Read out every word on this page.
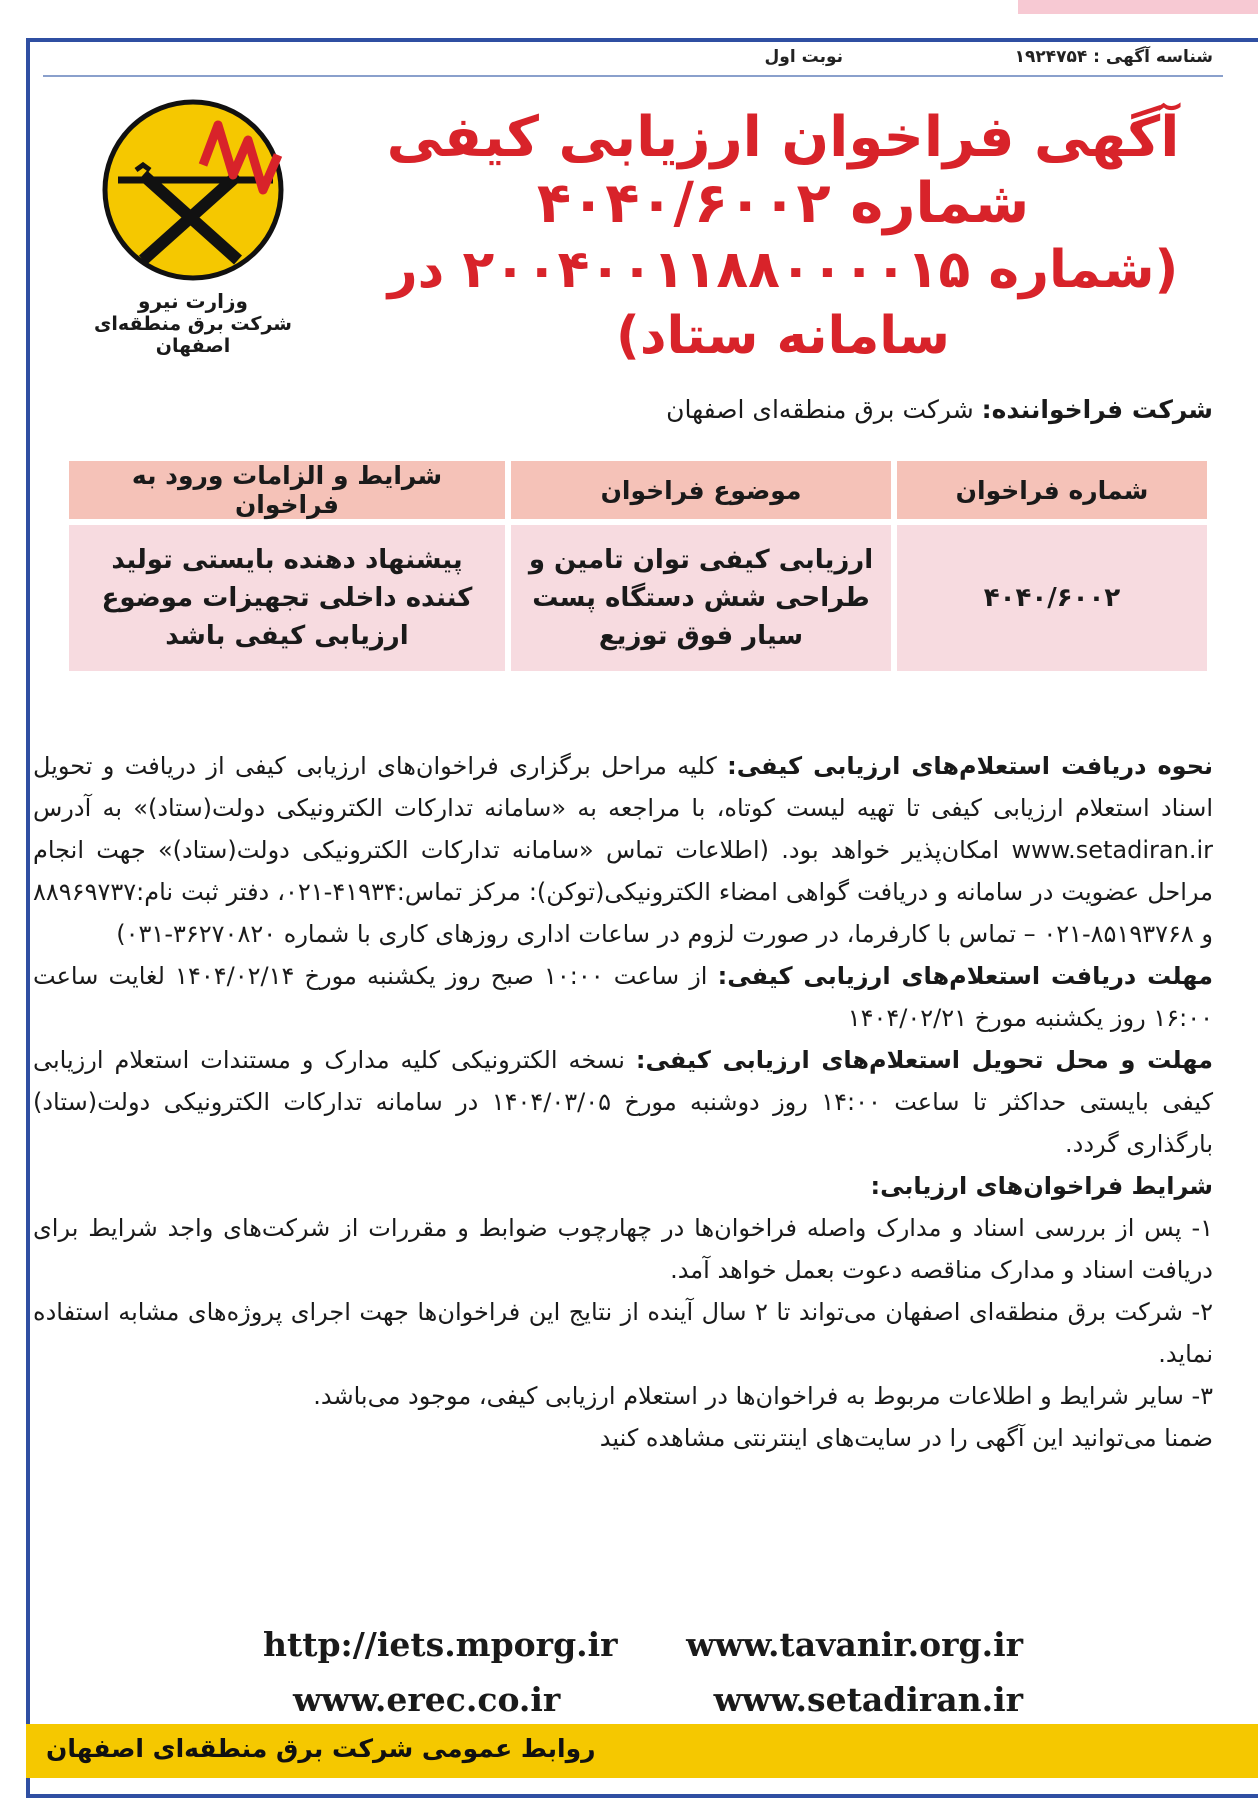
شناسه آگهی : ۱۹۲۴۷۵۴
نوبت اول
آگهی فراخوان ارزیابی کیفی
شماره ۴۰۴۰/۶۰۰۲
(شماره ۲۰۰۴۰۰۱۱۸۸۰۰۰۰۱۵ در سامانه ستاد)
وزارت نیرو
شرکت برق منطقه‌ای اصفهان
شرکت فراخواننده: شرکت برق منطقه‌ای اصفهان
شماره فراخوان	موضوع فراخوان	شرایط و الزامات ورود به فراخوان
۴۰۴۰/۶۰۰۲	ارزیابی کیفی توان تامین و طراحی شش دستگاه پست سیار فوق توزیع	پیشنهاد دهنده بایستی تولید کننده داخلی تجهیزات موضوع ارزیابی کیفی باشد

نحوه دریافت استعلام‌های ارزیابی کیفی: کلیه مراحل برگزاری فراخوان‌های ارزیابی کیفی از دریافت و تحویل اسناد استعلام ارزیابی کیفی تا تهیه لیست کوتاه، با مراجعه به «سامانه تدارکات الکترونیکی دولت(ستاد)» به آدرس www.setadiran.ir امکان‌پذیر خواهد بود. (اطلاعات تماس «سامانه تدارکات الکترونیکی دولت(ستاد)» جهت انجام مراحل عضویت در سامانه و دریافت گواهی امضاء الکترونیکی(توکن): مرکز تماس:۴۱۹۳۴-۰۲۱، دفتر ثبت نام:۸۸۹۶۹۷۳۷ و ۸۵۱۹۳۷۶۸-۰۲۱ – تماس با کارفرما، در صورت لزوم در ساعات اداری روزهای کاری با شماره ۳۶۲۷۰۸۲۰-۰۳۱)

مهلت دریافت استعلام‌های ارزیابی کیفی: از ساعت ۱۰:۰۰ صبح روز یکشنبه مورخ ۱۴۰۴/۰۲/۱۴ لغایت ساعت ۱۶:۰۰ روز یکشنبه مورخ ۱۴۰۴/۰۲/۲۱

مهلت و محل تحویل استعلام‌های ارزیابی کیفی: نسخه الکترونیکی کلیه مدارک و مستندات استعلام ارزیابی کیفی بایستی حداکثر تا ساعت ۱۴:۰۰ روز دوشنبه مورخ ۱۴۰۴/۰۳/۰۵ در سامانه تدارکات الکترونیکی دولت(ستاد) بارگذاری گردد.

شرایط فراخوان‌های ارزیابی:

۱- پس از بررسی اسناد و مدارک واصله فراخوان‌ها در چهارچوب ضوابط و مقررات از شرکت‌های واجد شرایط برای دریافت اسناد و مدارک مناقصه دعوت بعمل خواهد آمد.

۲- شرکت برق منطقه‌ای اصفهان می‌تواند تا ۲ سال آینده از نتایج این فراخوان‌ها جهت اجرای پروژه‌های مشابه استفاده نماید.

۳- سایر شرایط و اطلاعات مربوط به فراخوان‌ها در استعلام ارزیابی کیفی، موجود می‌باشد.

ضمنا می‌توانید این آگهی را در سایت‌های اینترنتی مشاهده کنید

www.tavanir.org.ir
http://iets.mporg.ir
www.setadiran.ir
www.erec.co.ir
روابط عمومی شرکت برق منطقه‌ای اصفهان
